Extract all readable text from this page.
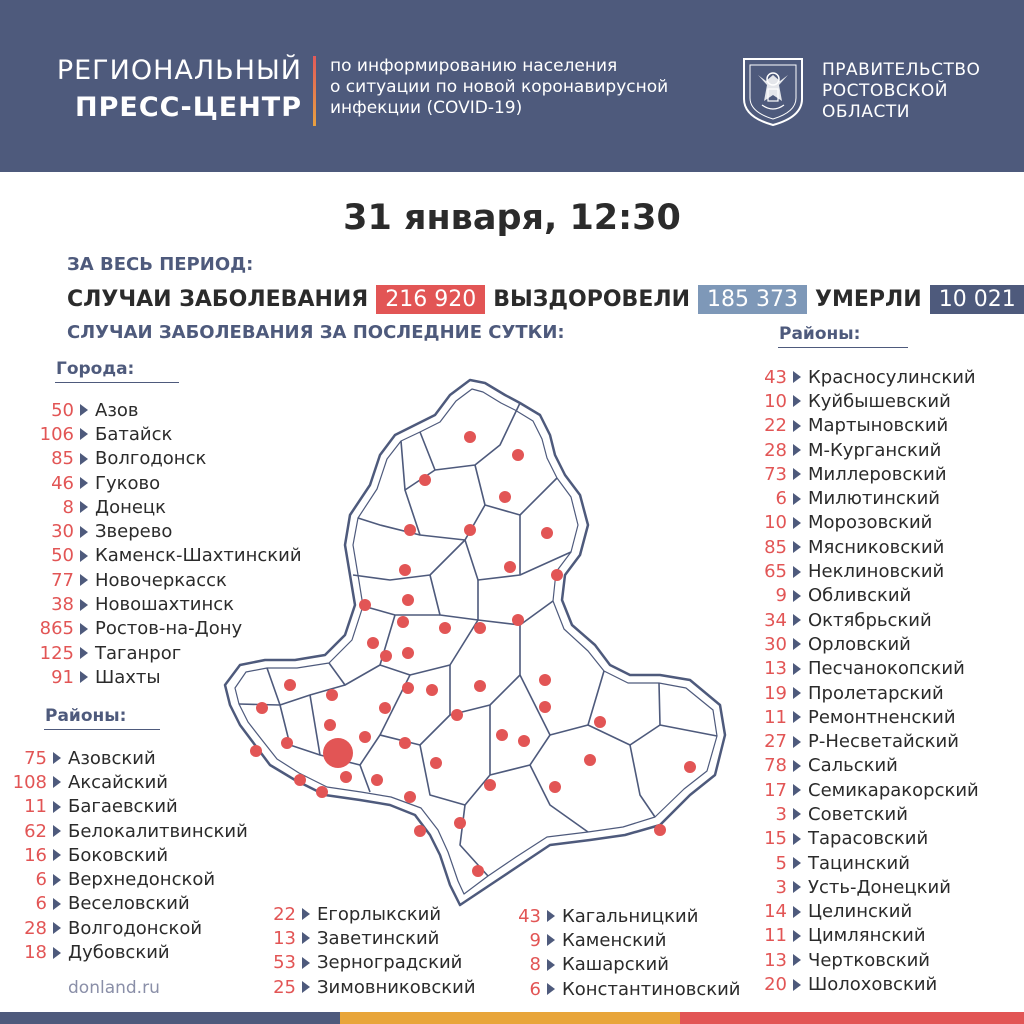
РЕГИОНАЛЬНЫЙ
ПРЕСС-ЦЕНТР
по информированию населения
о ситуации по новой коронавирусной
инфекции (COVID-19)
ПРАВИТЕЛЬСТВО
РОСТОВСКОЙ
ОБЛАСТИ
31 января, 12:30
ЗА ВЕСЬ ПЕРИОД:
СЛУЧАИ ЗАБОЛЕВАНИЯ 216 920 ВЫЗДОРОВЕЛИ 185 373 УМЕРЛИ 10 021
СЛУЧАИ ЗАБОЛЕВАНИЯ ЗА ПОСЛЕДНИЕ СУТКИ:
Города:
50 Азов
106 Батайск
85 Волгодонск
46 Гуково
8 Донецк
30 Зверево
50 Каменск-Шахтинский
77 Новочеркасск
38 Новошахтинск
865 Ростов-на-Дону
125 Таганрог
91 Шахты
Районы:
75 Азовский
108 Аксайский
11 Багаевский
62 Белокалитвинский
16 Боковский
6 Верхнедонской
6 Веселовский
28 Волгодонской
18 Дубовский
22 Егорлыкский
13 Заветинский
53 Зерноградский
25 Зимовниковский
43 Кагальницкий
9 Каменский
8 Кашарский
6 Константиновский
Районы:
43 Красносулинский
10 Куйбышевский
22 Мартыновский
28 М-Курганский
73 Миллеровский
6 Милютинский
10 Морозовский
85 Мясниковский
65 Неклиновский
9 Обливский
34 Октябрьский
30 Орловский
13 Песчанокопский
19 Пролетарский
11 Ремонтненский
27 Р-Несветайский
78 Сальский
17 Семикаракорский
3 Советский
15 Тарасовский
5 Тацинский
3 Усть-Донецкий
14 Целинский
11 Цимлянский
13 Чертковский
20 Шолоховский
donland.ru
